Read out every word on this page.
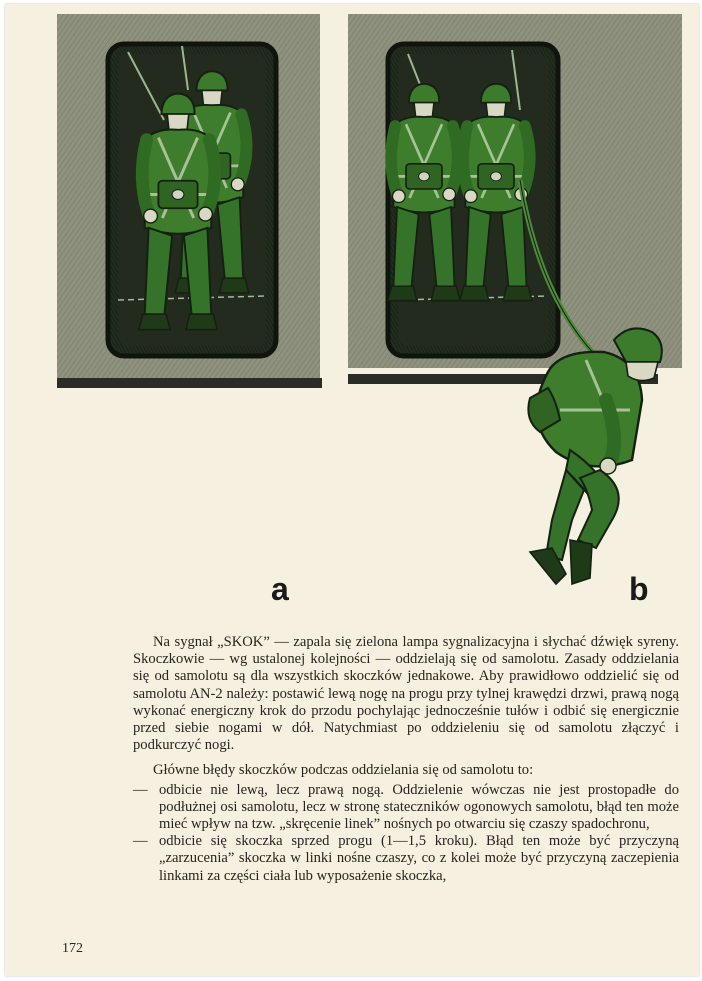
a	b

Na sygnał „SKOK” — zapala się zielona lampa sygnalizacyjna i słychać dźwięk syreny. Skoczkowie — wg ustalonej kolejności — oddzielają się od samolotu. Zasady oddzielania się od samolotu są dla wszystkich skoczków jednakowe. Aby prawidłowo oddzielić się od samolotu AN-2 należy: postawić lewą nogę na progu przy tylnej krawędzi drzwi, prawą nogą wykonać energiczny krok do przodu pochylając jednocześnie tułów i odbić się energicznie przed siebie nogami w dół. Natychmiast po oddzieleniu się od samolotu złączyć i podkurczyć nogi.

Główne błędy skoczków podczas oddzielania się od samolotu to:

— odbicie nie lewą, lecz prawą nogą. Oddzielenie wówczas nie jest prostopadłe do podłużnej osi samolotu, lecz w stronę stateczników ogonowych samolotu, błąd ten może mieć wpływ na tzw. „skręcenie linek” nośnych po otwarciu się czaszy spadochronu,
— odbicie się skoczka sprzed progu (1—1,5 kroku). Błąd ten może być przyczyną „zarzucenia” skoczka w linki nośne czaszy, co z kolei może być przyczyną zaczepienia linkami za części ciała lub wyposażenie skoczka,
172
